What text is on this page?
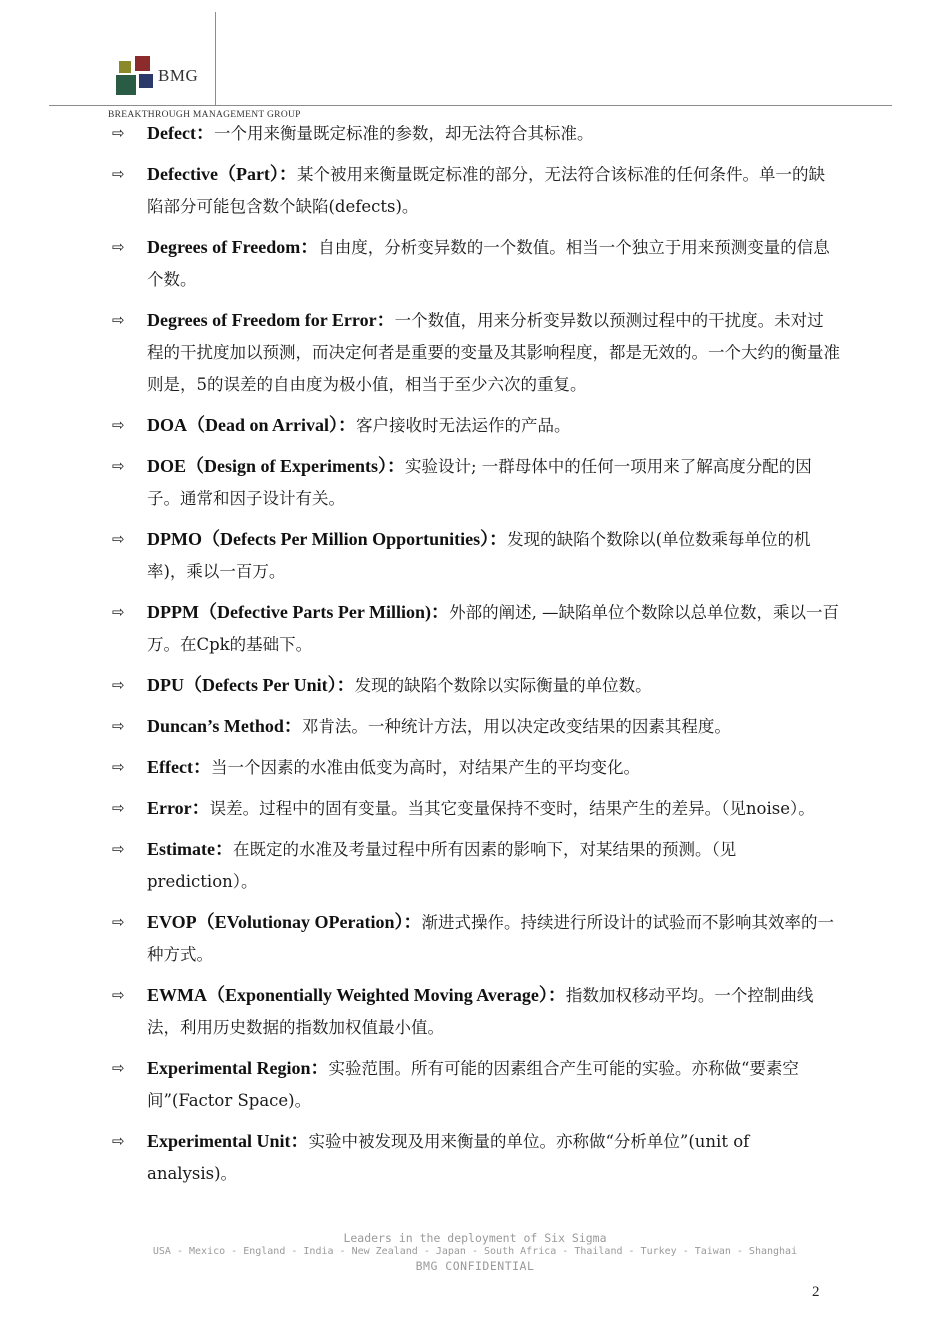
BMG
BREAKTHROUGH MANAGEMENT GROUP
⇨ Defect：一个用来衡量既定标准的参数，却无法符合其标准。
⇨ Defective（Part）：某个被用来衡量既定标准的部分，无法符合该标准的任何条件。单一的缺陷部分可能包含数个缺陷(defects)。
⇨ Degrees of Freedom：自由度，分析变异数的一个数值。相当一个独立于用来预测变量的信息个数。
⇨ Degrees of Freedom for Error：一个数值，用来分析变异数以预测过程中的干扰度。未对过程的干扰度加以预测，而决定何者是重要的变量及其影响程度，都是无效的。一个大约的衡量准则是，5的误差的自由度为极小值，相当于至少六次的重复。
⇨ DOA（Dead on Arrival）：客户接收时无法运作的产品。
⇨ DOE（Design of Experiments）：实验设计; 一群母体中的任何一项用来了解高度分配的因子。通常和因子设计有关。
⇨ DPMO（Defects Per Million Opportunities）：发现的缺陷个数除以(单位数乘每单位的机率)，乘以一百万。
⇨ DPPM（Defective Parts Per Million)：外部的阐述, —缺陷单位个数除以总单位数，乘以一百万。在Cpk的基础下。
⇨ DPU（Defects Per Unit）：发现的缺陷个数除以实际衡量的单位数。
⇨ Duncan’s Method：邓肯法。一种统计方法，用以决定改变结果的因素其程度。
⇨ Effect：当一个因素的水准由低变为高时，对结果产生的平均变化。
⇨ Error：误差。过程中的固有变量。当其它变量保持不变时，结果产生的差异。（见noise）。
⇨ Estimate：在既定的水准及考量过程中所有因素的影响下，对某结果的预测。（见prediction）。
⇨ EVOP（EVolutionay OPeration）：渐进式操作。持续进行所设计的试验而不影响其效率的一种方式。
⇨ EWMA（Exponentially Weighted Moving Average）：指数加权移动平均。一个控制曲线法，利用历史数据的指数加权值最小值。
⇨ Experimental Region：实验范围。所有可能的因素组合产生可能的实验。亦称做“要素空间”(Factor Space)。
⇨ Experimental Unit：实验中被发现及用来衡量的单位。亦称做“分析单位”(unit of analysis)。
Leaders in the deployment of Six Sigma
USA - Mexico - England - India - New Zealand - Japan - South Africa - Thailand - Turkey - Taiwan - Shanghai
BMG CONFIDENTIAL
2
